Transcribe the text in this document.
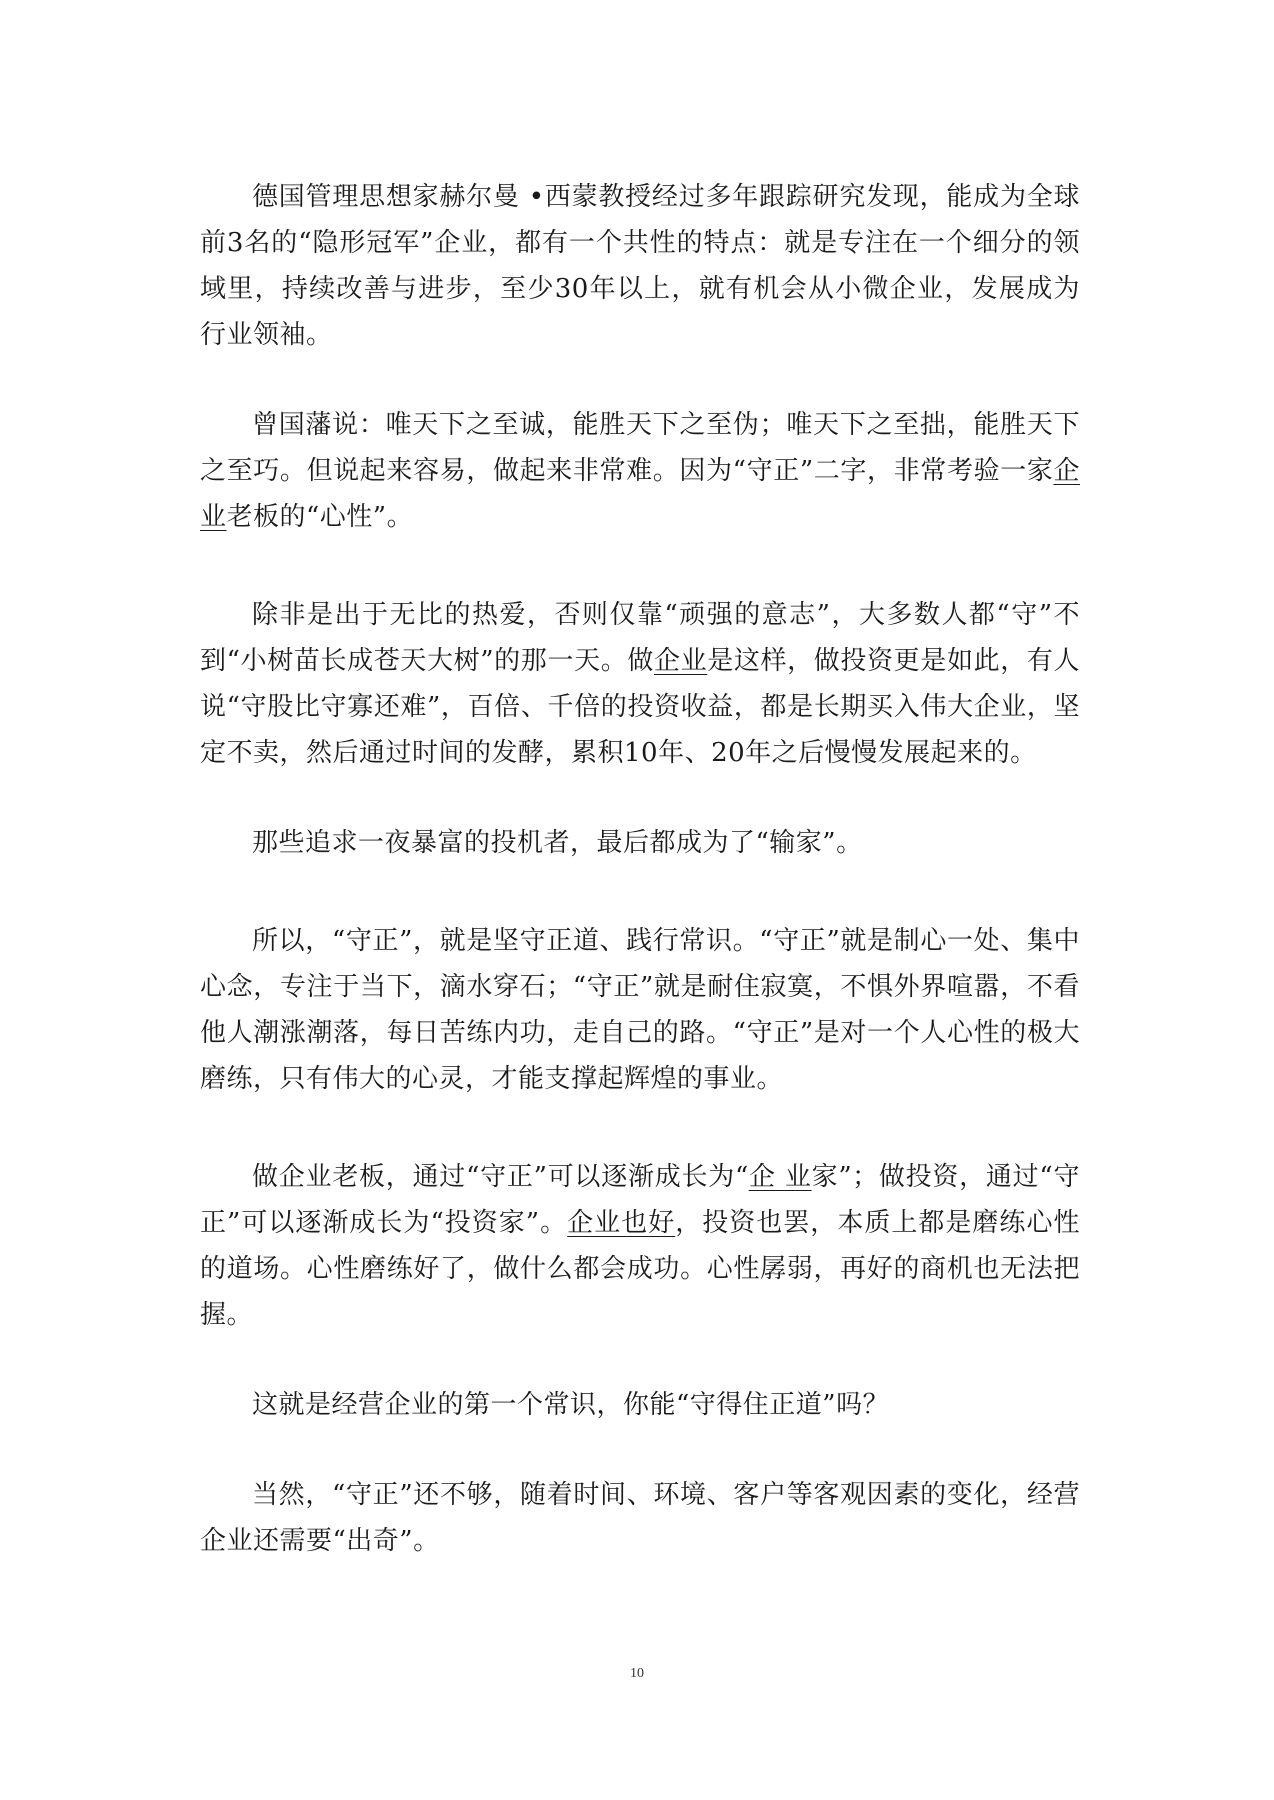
德国管理思想家赫尔曼 •西蒙教授经过多年跟踪研究发现，能成为全球前3名的“隐形冠军”企业，都有一个共性的特点：就是专注在一个细分的领域里，持续改善与进步，至少30年以上，就有机会从小微企业，发展成为行业领袖。

曾国藩说：唯天下之至诚，能胜天下之至伪；唯天下之至拙，能胜天下之至巧。但说起来容易，做起来非常难。因为“守正”二字，非常考验一家企业老板的“心性”。

除非是出于无比的热爱，否则仅靠“顽强的意志”，大多数人都“守”不到“小树苗长成苍天大树”的那一天。做企业是这样，做投资更是如此，有人说“守股比守寡还难”，百倍、千倍的投资收益，都是长期买入伟大企业，坚定不卖，然后通过时间的发酵，累积10年、20年之后慢慢发展起来的。

那些追求一夜暴富的投机者，最后都成为了“输家”。

所以，“守正”，就是坚守正道、践行常识。“守正”就是制心一处、集中心念，专注于当下，滴水穿石；“守正”就是耐住寂寞，不惧外界喧嚣，不看他人潮涨潮落，每日苦练内功，走自己的路。“守正”是对一个人心性的极大磨练，只有伟大的心灵，才能支撑起辉煌的事业。

做企业老板，通过“守正”可以逐渐成长为“企 业家”；做投资，通过“守正”可以逐渐成长为“投资家”。企业也好，投资也罢，本质上都是磨练心性的道场。心性磨练好了，做什么都会成功。心性孱弱，再好的商机也无法把握。

这就是经营企业的第一个常识，你能“守得住正道”吗？

当然，“守正”还不够，随着时间、环境、客户等客观因素的变化，经营企业还需要“出奇”。

10
